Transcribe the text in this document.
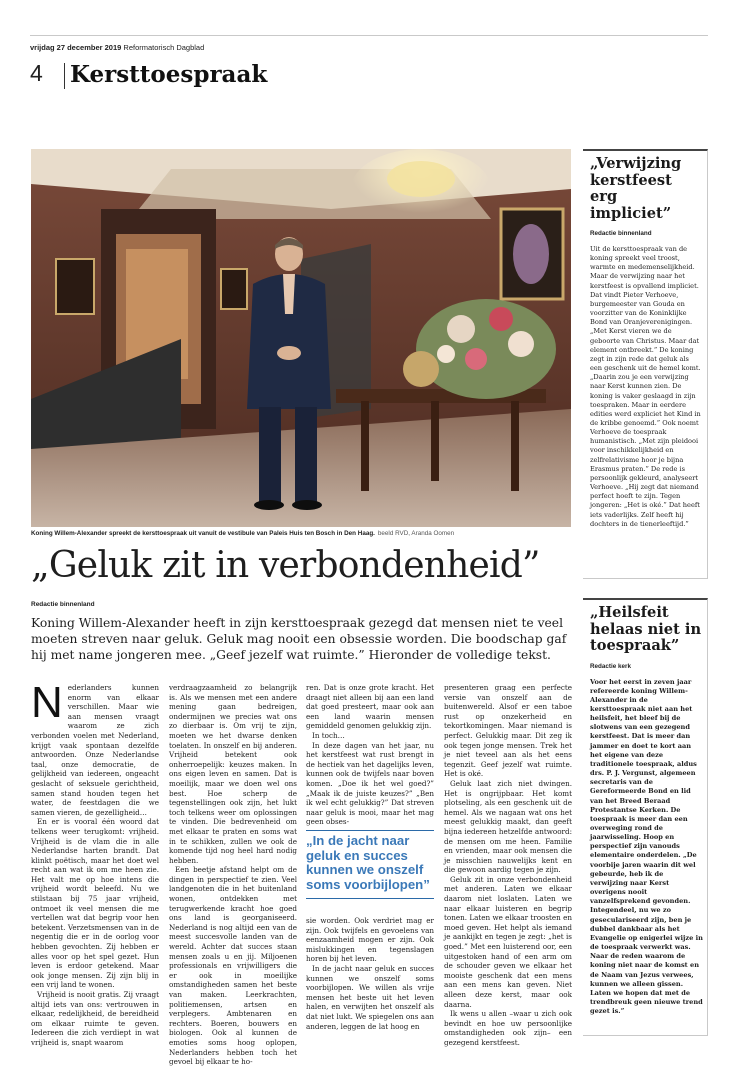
vrijdag 27 december 2019 Reformatorisch Dagblad
4 Kersttoespraak
Koning Willem-Alexander spreekt de kersttoespraak uit vanuit de vestibule van Paleis Huis ten Bosch in Den Haag. beeld RVD, Aranda Oomen
„Geluk zit in verbondenheid”
Redactie binnenland
Koning Willem-Alexander heeft in zijn kersttoespraak gezegd dat mensen niet te veel moeten streven naar geluk. Geluk mag nooit een obsessie worden. Die boodschap gaf hij met name jongeren mee. „Geef jezelf wat ruimte.” Hieronder de volledige tekst.
N ederlanders kunnen enorm van elkaar verschillen. Maar wie aan mensen vraagt waarom ze zich verbonden voelen met Nederland, krijgt vaak spontaan dezelfde antwoorden. Onze Nederlandse taal, onze democratie, de gelijkheid van iedereen, ongeacht geslacht of seksuele gerichtheid, samen stand houden tegen het water, de feestdagen die we samen vieren, de gezelligheid…

En er is vooral één woord dat telkens weer terugkomt: vrijheid. Vrijheid is de vlam die in alle Nederlandse harten brandt. Dat klinkt poëtisch, maar het doet wel recht aan wat ik om me heen zie. Het valt me op hoe intens die vrijheid wordt beleefd. Nu we stilstaan bij 75 jaar vrijheid, ontmoet ik veel mensen die me vertellen wat dat begrip voor hen betekent. Verzetsmensen van in de negentig die er in de oorlog voor hebben gevochten. Zij hebben er alles voor op het spel gezet. Hun leven is erdoor getekend. Maar ook jonge mensen. Zij zijn blij in een vrij land te wonen.

Vrijheid is nooit gratis. Zij vraagt altijd iets van ons: vertrouwen in elkaar, redelijkheid, de bereidheid om elkaar ruimte te geven. Iedereen die zich verdiept in wat vrijheid is, snapt waarom

verdraagzaamheid zo belangrijk is. Als we mensen met een andere mening gaan bedreigen, ondermijnen we precies wat ons zo dierbaar is. Om vrij te zijn, moeten we het dwarse denken toelaten. In onszelf en bij anderen. Vrijheid betekent ook onherroepelijk: keuzes maken. In ons eigen leven en samen. Dat is moeilijk, maar we doen wel ons best. Hoe scherp de tegenstellingen ook zijn, het lukt toch telkens weer om oplossingen te vinden. Die bedrevenheid om met elkaar te praten en soms wat in te schikken, zullen we ook de komende tijd nog heel hard nodig hebben.

Een beetje afstand helpt om de dingen in perspectief te zien. Veel landgenoten die in het buitenland wonen, ontdekken met terugwerkende kracht hoe goed ons land is georganiseerd. Nederland is nog altijd een van de meest succesvolle landen van de wereld. Achter dat succes staan mensen zoals u en jij. Miljoenen professionals en vrijwilligers die er ook in moeilijke omstandigheden samen het beste van maken. Leerkrachten, politiemensen, artsen en verplegers. Ambtenaren en rechters. Boeren, bouwers en biologen. Ook al kunnen de emoties soms hoog oplopen, Nederlanders hebben toch het gevoel bij elkaar te ho-

ren. Dat is onze grote kracht. Het draagt niet alleen bij aan een land dat goed presteert, maar ook aan een land waarin mensen gemiddeld genomen gelukkig zijn.

In toch…

In deze dagen van het jaar, nu het kerstfeest wat rust brengt in de hectiek van het dagelijks leven, kunnen ook de twijfels naar boven komen. „Doe ik het wel goed?” „Maak ik de juiste keuzes?” „Ben ik wel echt gelukkig?” Dat streven naar geluk is mooi, maar het mag geen obses-

„In de jacht naar geluk en succes kunnen we onszelf soms voorbijlopen”

sie worden. Ook verdriet mag er zijn. Ook twijfels en gevoelens van eenzaamheid mogen er zijn. Ook mislukkingen en tegenslagen horen bij het leven.

In de jacht naar geluk en succes kunnen we onszelf soms voorbijlopen. We willen als vrije mensen het beste uit het leven halen, en verwijten het onszelf als dat niet lukt. We spiegelen ons aan anderen, leggen de lat hoog en

presenteren graag een perfecte versie van onszelf aan de buitenwereld. Alsof er een taboe rust op onzekerheid en tekortkomingen. Maar niemand is perfect. Gelukkig maar. Dit zeg ik ook tegen jonge mensen. Trek het je niet teveel aan als het eens tegenzit. Geef jezelf wat ruimte. Het is oké.

Geluk laat zich niet dwingen. Het is ongrijpbaar. Het komt plotseling, als een geschenk uit de hemel. Als we nagaan wat ons het meest gelukkig maakt, dan geeft bijna iedereen hetzelfde antwoord: de mensen om me heen. Familie en vrienden, maar ook mensen die je misschien nauwelijks kent en die gewoon aardig tegen je zijn.

Geluk zit in onze verbondenheid met anderen. Laten we elkaar daarom niet loslaten. Laten we naar elkaar luisteren en begrip tonen. Laten we elkaar troosten en moed geven. Het helpt als iemand je aankijkt en tegen je zegt: „het is goed.” Met een luisterend oor, een uitgestoken hand of een arm om de schouder geven we elkaar het mooiste geschenk dat een mens aan een mens kan geven. Niet alleen deze kerst, maar ook daarna.

Ik wens u allen –waar u zich ook bevindt en hoe uw persoonlijke omstandigheden ook zijn– een gezegend kerstfeest.

„Verwijzing kerstfeest erg impliciet”
Redactie binnenland
Uit de kersttoespraak van de koning spreekt veel troost, warmte en medemenselijkheid. Maar de verwijzing naar het kerstfeest is opvallend impliciet. Dat vindt Pieter Verhoeve, burgemeester van Gouda en voorzitter van de Koninklijke Bond van Oranjeverenigingen. „Met Kerst vieren we de geboorte van Christus. Maar dat element ontbreekt.” De koning zegt in zijn rede dat geluk als een geschenk uit de hemel komt. „Daarin zou je een verwijzing naar Kerst kunnen zien. De koning is vaker geslaagd in zijn toespraken. Maar in eerdere edities werd expliciet het Kind in de kribbe genoemd.” Ook noemt Verhoeve de toespraak humanistisch. „Met zijn pleidooi voor inschikkelijkheid en zelfrelativisme hoor je bijna Erasmus praten.” De rede is persoonlijk gekleurd, analyseert Verhoeve. „Hij zegt dat niemand perfect hoeft te zijn. Tegen jongeren: „Het is oké.” Dat heeft iets vaderlijks. Zelf heeft hij dochters in de tienerleeftijd.”
„Heilsfeit helaas niet in toespraak”
Redactie kerk
Voor het eerst in zeven jaar refereerde koning Willem-Alexander in de kersttoespraak niet aan het heilsfeit, het bleef bij de slotwens van een gezegend kerstfeest. Dat is meer dan jammer en doet te kort aan het eigene van deze traditionele toespraak, aldus drs. P. J. Vergunst, algemeen secretaris van de Gereformeerde Bond en lid van het Breed Beraad Protestantse Kerken. De toespraak is meer dan een overweging rond de jaarwisseling. Hoop en perspectief zijn vanouds elementaire onderdelen. „De voorbije jaren waarin dit wel gebeurde, heb ik de verwijzing naar Kerst overigens nooit vanzelfsprekend gevonden. Integendeel, nu we zo geseculariseerd zijn, ben je dubbel dankbaar als het Evangelie op enigerlei wijze in de toespraak verwerkt was. Naar de reden waarom de koning niet naar de komst en de Naam van Jezus verwees, kunnen we alleen gissen. Laten we hopen dat met de trendbreuk geen nieuwe trend gezet is.”
